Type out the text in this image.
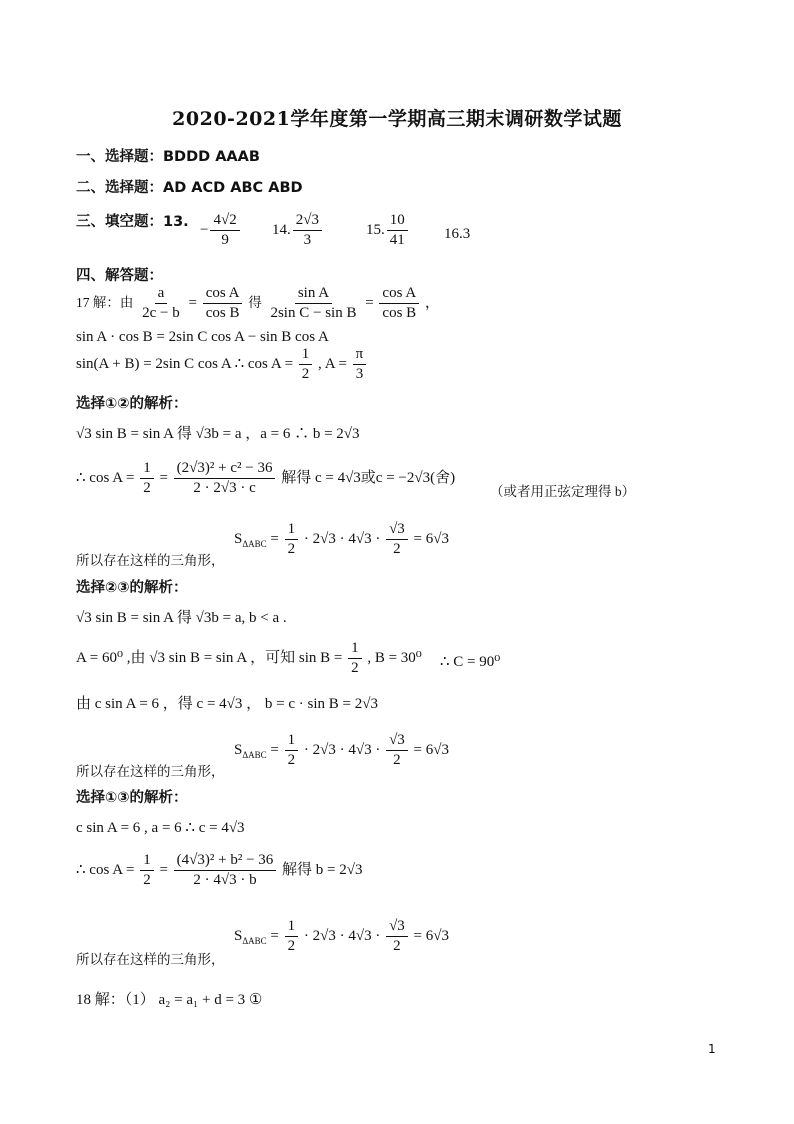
2020-2021学年度第一学期高三期末调研数学试题
一、选择题：BDDD AAAB
二、选择题：AD ACD ABC ABD
三、填空题：13.
− $\frac{4√2}{9} 14$. $\frac{2√3}{3}$	15. $\frac{10}{41} 16.3$
四、解答题：
17 解：由 $\frac{a}{2c - b} = \frac{\text{cos A}}{\text{cos B}}$ 得 $\frac{\text{sin A}}{\text{2sin C − sin B}} = \frac{\text{cos A}}{\text{cos B}}$ ，
sin A · cos B = 2sin C cos A − sin B cos A
sin(A + B) = 2sin C cos A ∴ $\cos A = \frac{1}{2}$ , $A = \frac{\pi}{3}$
选择①②的解析：
√3 sin B = sin A 得 √3b = a ，a = 6 ∴ b = 2√3
∴ $\cos A = \frac{1}{2} = \frac{\text{(2√3)² + c² − 36}}{2 \cdot 2√3 \cdot c}$ 解得 c = 4√3或c = −2√3(舍)
（或者用正弦定理得 b）
$S_{\Delta ABC} = \frac{1}{2} \cdot 2√3 \cdot 4√3 \cdot \frac{√3}{2} = 6√3$
所以存在这样的三角形，
选择②③的解析：
√3 sin B = sin A 得 √3b = a, b < a .
A = 60⁰ ,由 √3 sin B = sin A ，可知 $\sin B = \frac{1}{2}$ , B = 30⁰ ∴ C = 90⁰
由 c sin A = 6 ，得 c = 4√3 ， b = c · sin B = 2√3
$S_{\Delta ABC} = \frac{1}{2} \cdot 2√3 \cdot 4√3 \cdot \frac{√3}{2} = 6√3$
所以存在这样的三角形，
选择①③的解析：
c sin A = 6 , a = 6 ∴ c = 4√3
∴ $\cos A = \frac{1}{2} = \frac{\text{(4√3)² + b² − 36}}{2 \cdot 4√3 \cdot b}$ 解得 b = 2√3
$S_{\Delta ABC} = \frac{1}{2} \cdot 2√3 \cdot 4√3 \cdot \frac{√3}{2} = 6√3$
所以存在这样的三角形，
18 解：（1） a₂ = a₁ + d = 3 ①
1
